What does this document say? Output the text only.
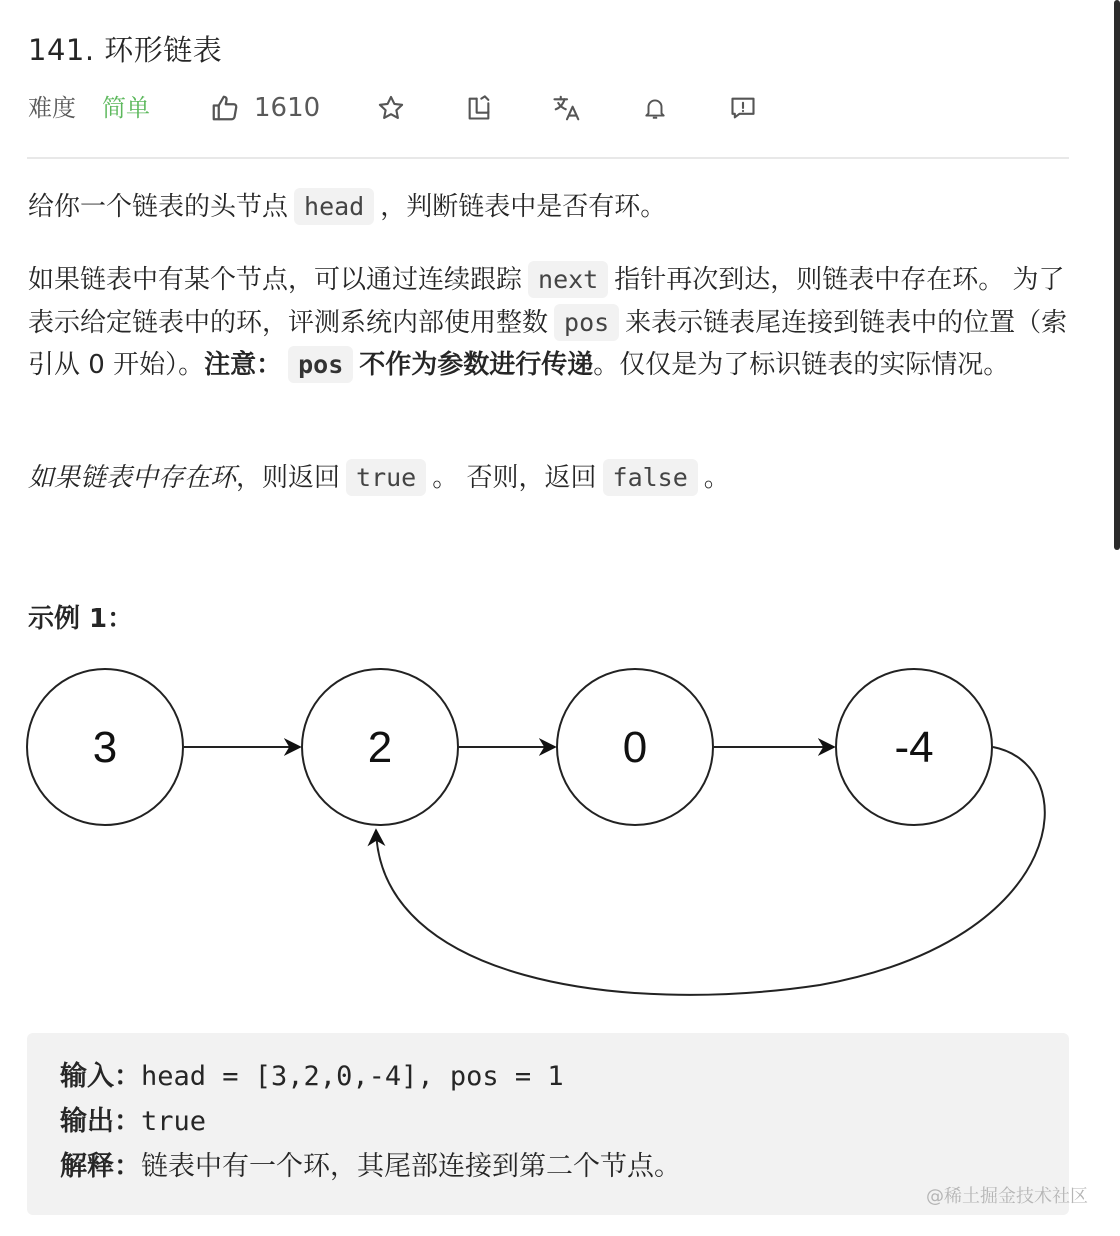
141. 环形链表
难度 简单	1610

给你一个链表的头节点 head ，判断链表中是否有环。

如果链表中有某个节点，可以通过连续跟踪 next 指针再次到达，则链表中存在环。 为了表示给定链表中的环，评测系统内部使用整数 pos 来表示链表尾连接到链表中的位置（索引从 0 开始）。注意： pos 不作为参数进行传递。仅仅是为了标识链表的实际情况。

如果链表中存在环，则返回 true 。 否则，返回 false 。

示例 1：
3	2	0	-4
输入：head = [3,2,0,-4], pos = 1
输出：true
解释：链表中有一个环，其尾部连接到第二个节点。
@稀土掘金技术社区
